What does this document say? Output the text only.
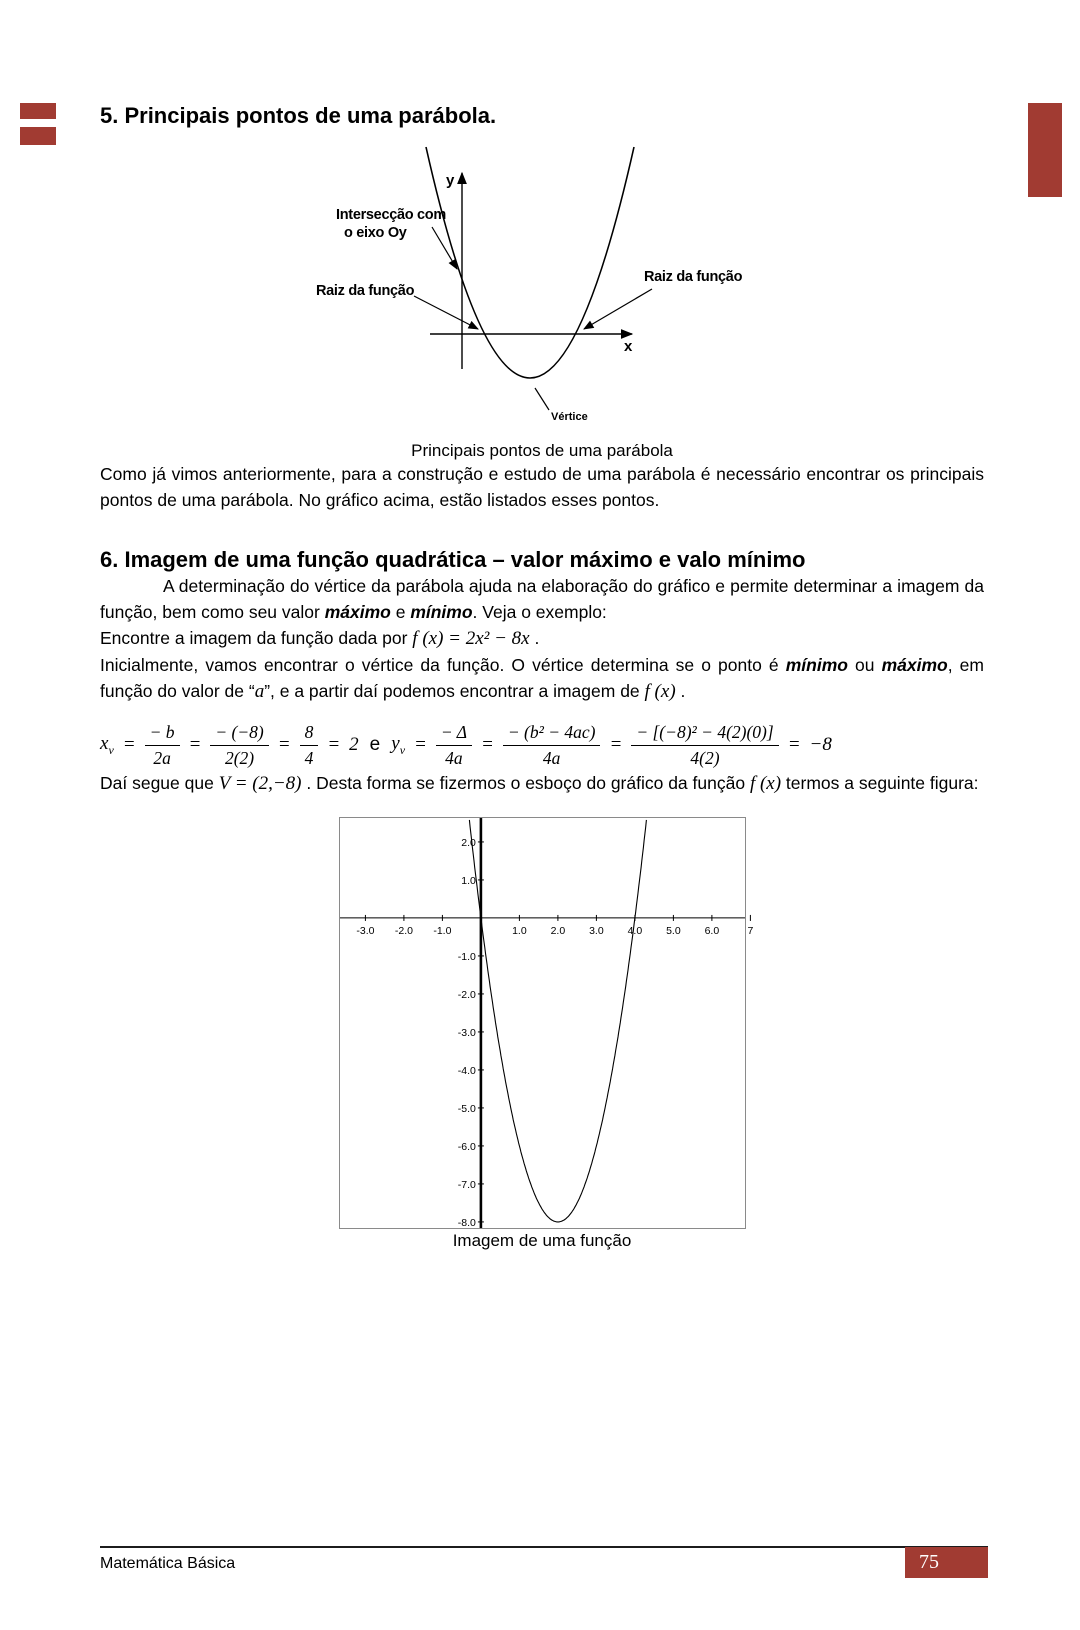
5. Principais pontos de uma parábola.
y
x
Intersecção com
o eixo Oy
Raiz da função
Raiz da função
Vértice
Principais pontos de uma parábola

Como já vimos anteriormente, para a construção e estudo de uma parábola é necessário encontrar os principais pontos de uma parábola. No gráfico acima, estão listados esses pontos.

6. Imagem de uma função quadrática – valor máximo e valo mínimo

A determinação do vértice da parábola ajuda na elaboração do gráfico e permite determinar a imagem da função, bem como seu valor máximo e mínimo. Veja o exemplo:

Encontre a imagem da função dada por f (x) = 2x² − 8x .

Inicialmente, vamos encontrar o vértice da função. O vértice determina se o ponto é mínimo ou máximo, em função do valor de “a”, e a partir daí podemos encontrar a imagem de f (x) .

$x_v = \frac{- b}{2a} = \frac{- (-8)}{2(2)} = \frac{8}{4} = 2$ e $y_v = \frac{- \Delta}{4a} = \frac{\text{− (b² − 4ac)}}{4a} = \frac{\text{− [(−8)² − 4(2)(0)]}}{4(2)} = -8$

Daí segue que V = (2,−8) . Desta forma se fizermos o esboço do gráfico da função f (x) termos a seguinte figura:

-3.0 -2.0 -1.0	1.0 2.0 3.0 4.0 5.0 6.0	7
2.0
1.0
-1.0
-2.0
-3.0
-4.0
-5.0
-6.0
-7.0
-8.0
Imagem de uma função
Matemática Básica	75
